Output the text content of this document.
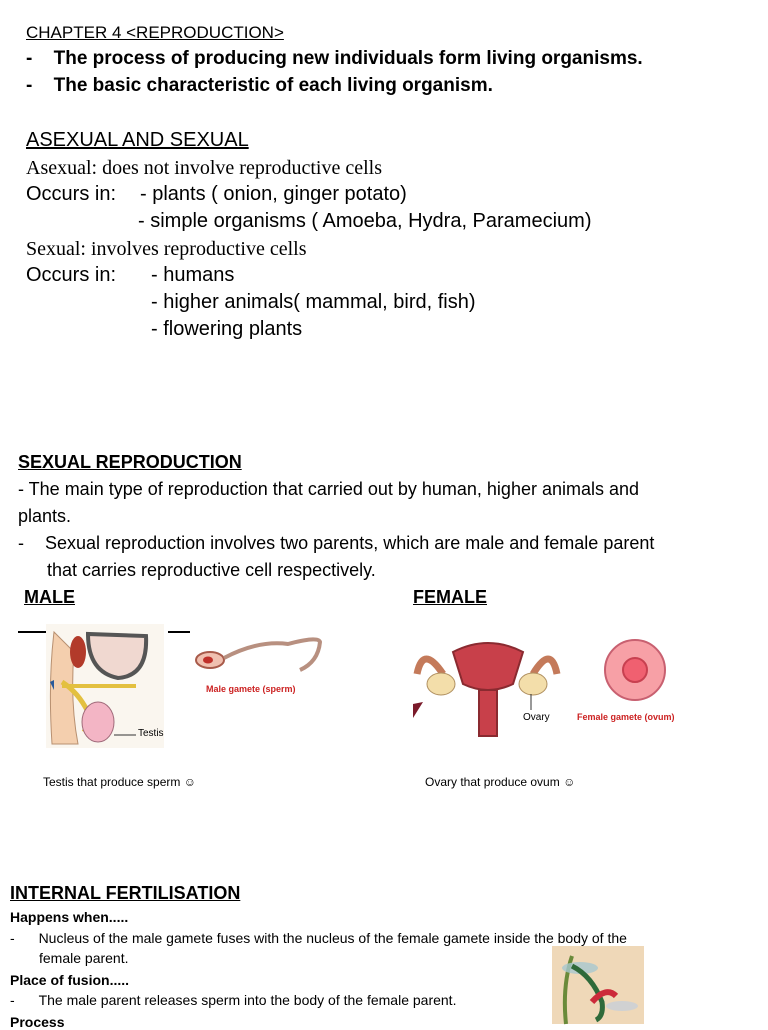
CHAPTER 4 <REPRODUCTION>
- The process of producing new individuals form living organisms.
- The basic characteristic of each living organism.
ASEXUAL AND SEXUAL
Asexual: does not involve reproductive cells
Occurs in: - plants ( onion, ginger potato)
- simple organisms ( Amoeba, Hydra, Paramecium)
Sexual: involves reproductive cells
Occurs in: - humans
- higher animals( mammal, bird, fish)
- flowering plants
SEXUAL REPRODUCTION
- The main type of reproduction that carried out by human, higher animals and
plants.
- Sexual reproduction involves two parents, which are male and female parent
that carries reproductive cell respectively.
MALE	FEMALE
Testis
Male gamete (sperm)
Ovary	Female gamete (ovum)
Testis that produce sperm ☺	Ovary that produce ovum ☺
INTERNAL FERTILISATION
Happens when.....
- Nucleus of the male gamete fuses with the nucleus of the female gamete inside the body of the
female parent.
Place of fusion.....
- The male parent releases sperm into the body of the female parent.
Process
